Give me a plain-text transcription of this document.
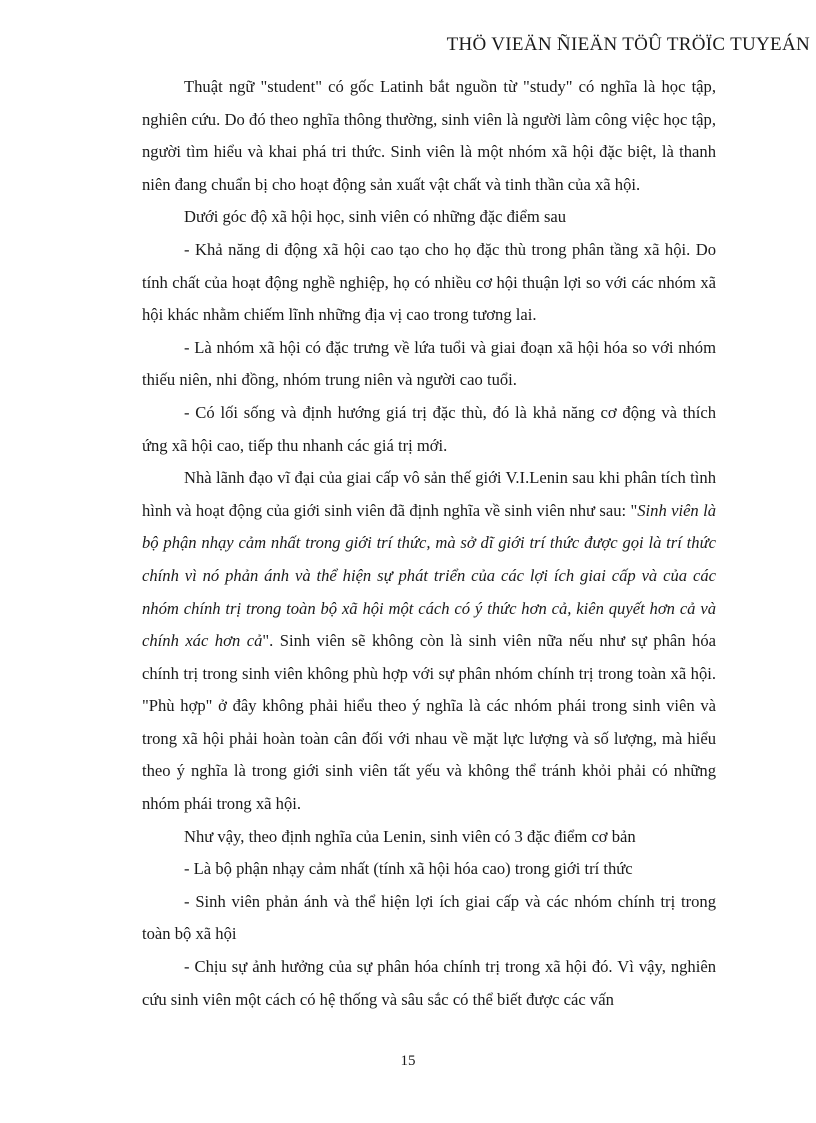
THÖ VIEÄN ÑIEÄN TÖÛ TRÖÏC TUYEÁN

Thuật ngữ "student" có gốc Latinh bắt nguồn từ "study" có nghĩa là học tập, nghiên cứu. Do đó theo nghĩa thông thường, sinh viên là người làm công việc học tập, người tìm hiểu và khai phá tri thức. Sinh viên là một nhóm xã hội đặc biệt, là thanh niên đang chuẩn bị cho hoạt động sản xuất vật chất và tinh thần của xã hội.

Dưới góc độ xã hội học, sinh viên có những đặc điểm sau

- Khả năng di động xã hội cao tạo cho họ đặc thù trong phân tầng xã hội. Do tính chất của hoạt động nghề nghiệp, họ có nhiều cơ hội thuận lợi so với các nhóm xã hội khác nhằm chiếm lĩnh những địa vị cao trong tương lai.

- Là nhóm xã hội có đặc trưng về lứa tuổi và giai đoạn xã hội hóa so với nhóm thiếu niên, nhi đồng, nhóm trung niên và người cao tuổi.

- Có lối sống và định hướng giá trị đặc thù, đó là khả năng cơ động và thích ứng xã hội cao, tiếp thu nhanh các giá trị mới.

Nhà lãnh đạo vĩ đại của giai cấp vô sản thế giới V.I.Lenin sau khi phân tích tình hình và hoạt động của giới sinh viên đã định nghĩa về sinh viên như sau: "Sinh viên là bộ phận nhạy cảm nhất trong giới trí thức, mà sở dĩ giới trí thức được gọi là trí thức chính vì nó phản ánh và thể hiện sự phát triển của các lợi ích giai cấp và của các nhóm chính trị trong toàn bộ xã hội một cách có ý thức hơn cả, kiên quyết hơn cả và chính xác hơn cả". Sinh viên sẽ không còn là sinh viên nữa nếu như sự phân hóa chính trị trong sinh viên không phù hợp với sự phân nhóm chính trị trong toàn xã hội. "Phù hợp" ở đây không phải hiểu theo ý nghĩa là các nhóm phái trong sinh viên và trong xã hội phải hoàn toàn cân đối với nhau về mặt lực lượng và số lượng, mà hiểu theo ý nghĩa là trong giới sinh viên tất yếu và không thể tránh khỏi phải có những nhóm phái trong xã hội.

Như vậy, theo định nghĩa của Lenin, sinh viên có 3 đặc điểm cơ bản

- Là bộ phận nhạy cảm nhất (tính xã hội hóa cao) trong giới trí thức

- Sinh viên phản ánh và thể hiện lợi ích giai cấp và các nhóm chính trị trong toàn bộ xã hội

- Chịu sự ảnh hưởng của sự phân hóa chính trị trong xã hội đó. Vì vậy, nghiên cứu sinh viên một cách có hệ thống và sâu sắc có thể biết được các vấn

15
